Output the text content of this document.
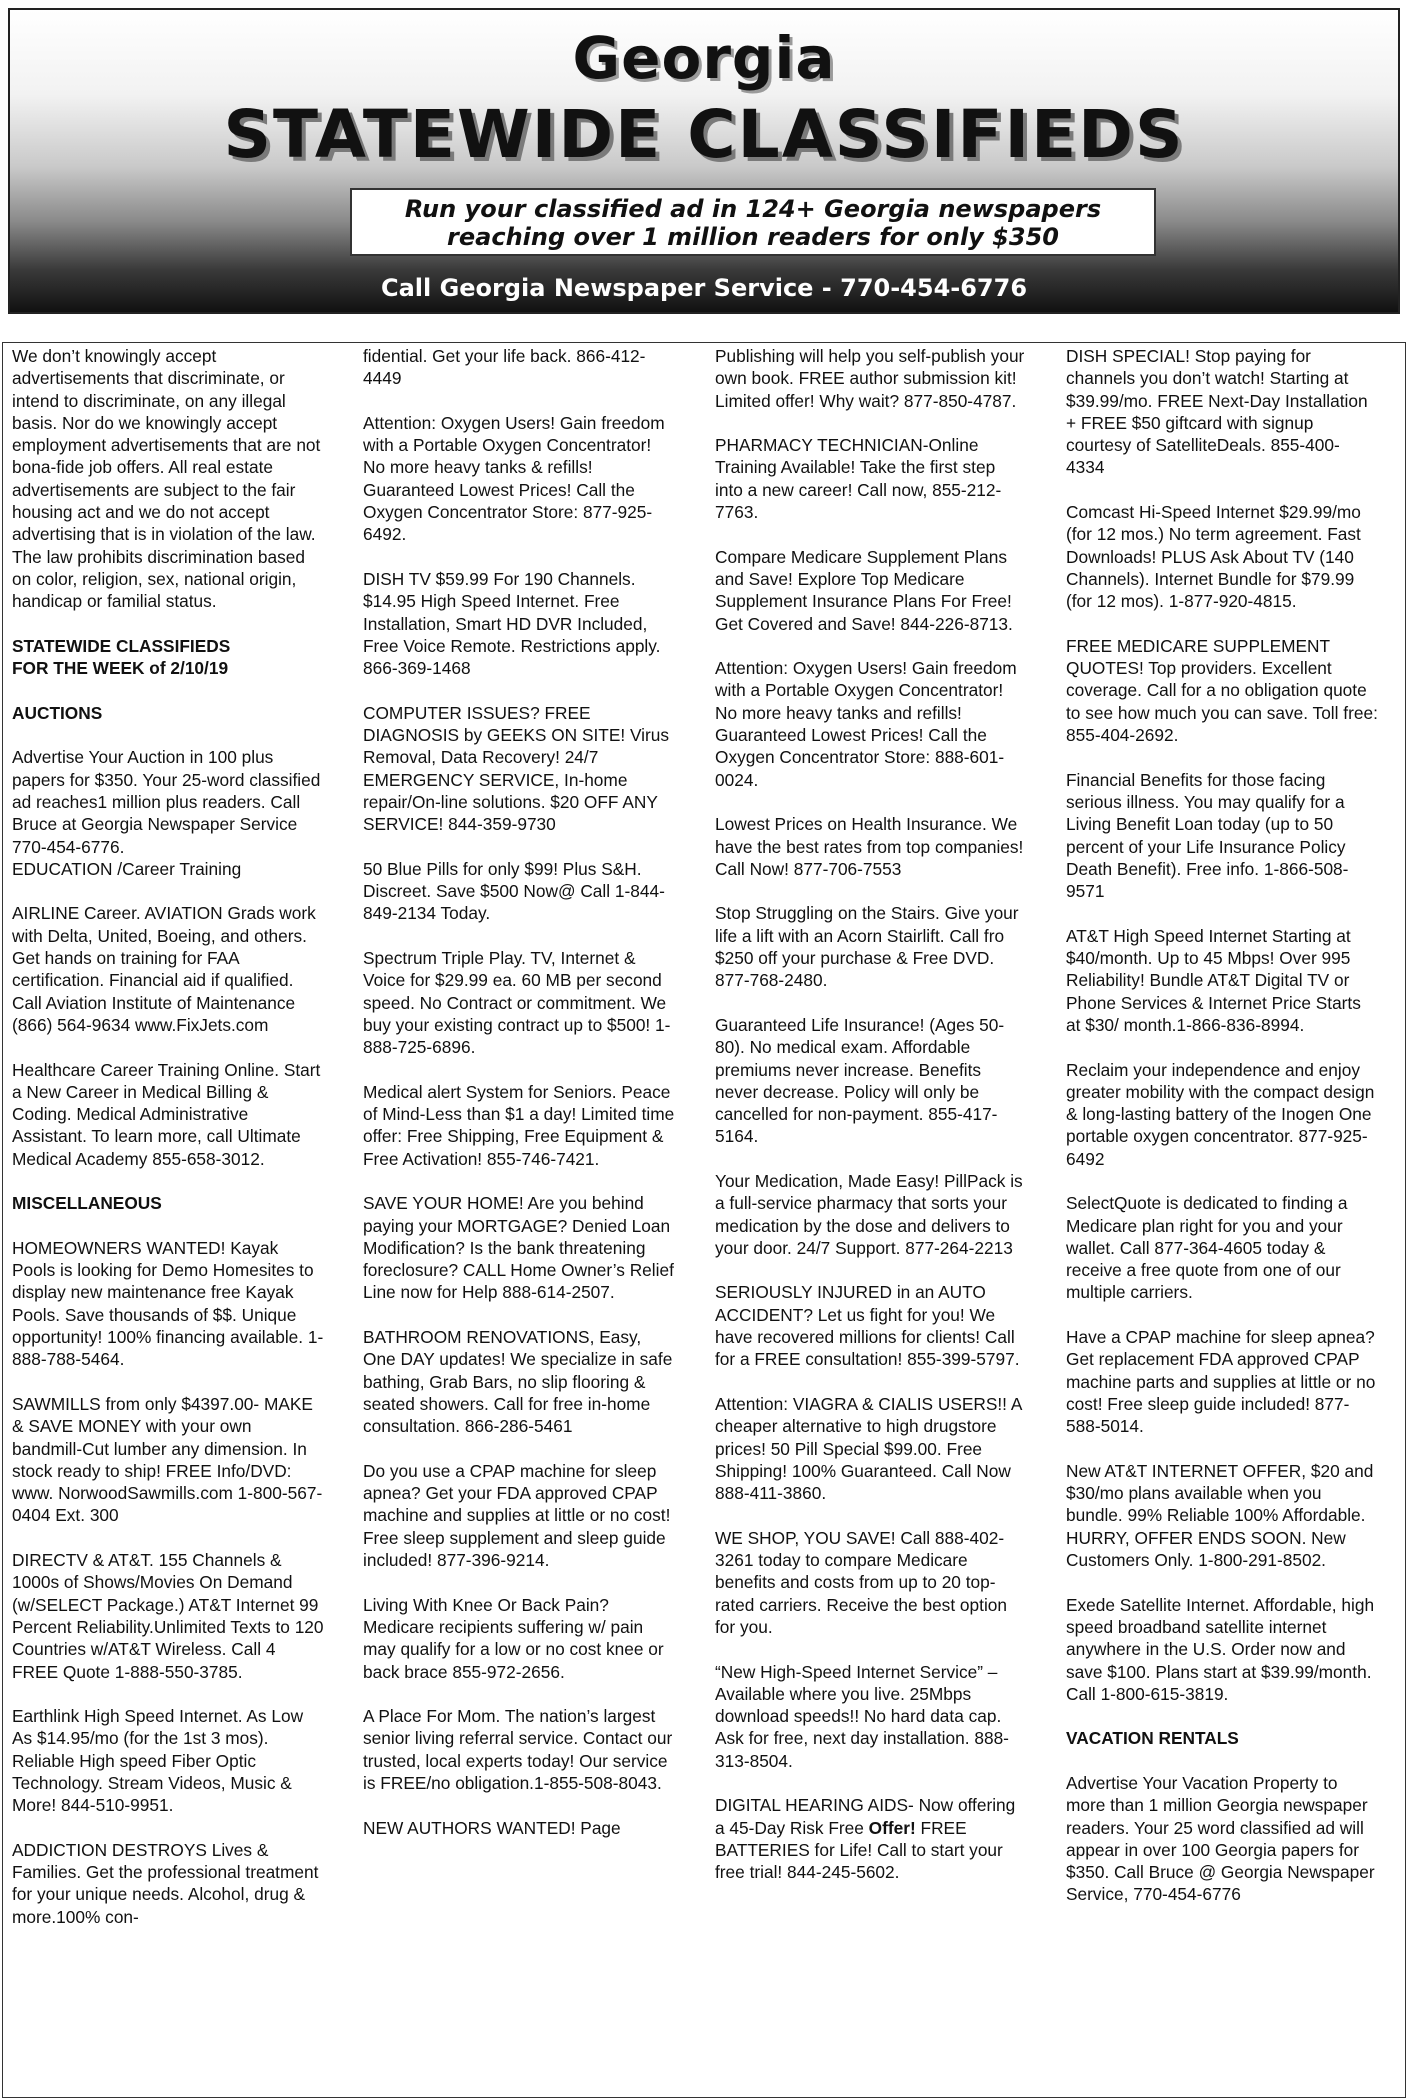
Georgia
STATEWIDE CLASSIFIEDS
Run your classified ad in 124+ Georgia newspapers
reaching over 1 million readers for only $350
Call Georgia Newspaper Service - 770-454-6776

We don’t knowingly accept advertisements that discriminate, or intend to discriminate, on any illegal basis. Nor do we knowingly accept employment advertisements that are not bona-fide job offers. All real estate advertisements are subject to the fair housing act and we do not accept advertising that is in violation of the law. The law prohibits discrimination based on color, religion, sex, national origin, handicap or familial status.

STATEWIDE CLASSIFIEDS
FOR THE WEEK of 2/10/19
AUCTIONS
Advertise Your Auction in 100 plus papers for $350. Your 25-word classified ad reaches1 million plus readers. Call Bruce at Georgia Newspaper Service 770-454-6776.

EDUCATION /Career Training

AIRLINE Career. AVIATION Grads work with Delta, United, Boeing, and others. Get hands on training for FAA certification. Financial aid if qualified. Call Aviation Institute of Maintenance (866) 564-9634 www.FixJets.com

Healthcare Career Training Online. Start a New Career in Medical Billing & Coding. Medical Administrative Assistant. To learn more, call Ultimate Medical Academy 855-658-3012.

MISCELLANEOUS

HOMEOWNERS WANTED! Kayak Pools is looking for Demo Homesites to display new maintenance free Kayak Pools. Save thousands of $$. Unique opportunity! 100% financing available. 1-888-788-5464.

SAWMILLS from only $4397.00- MAKE & SAVE MONEY with your own bandmill-Cut lumber any dimension. In stock ready to ship! FREE Info/DVD: www. NorwoodSawmills.com 1-800-567-0404 Ext. 300

DIRECTV & AT&T. 155 Channels & 1000s of Shows/Movies On Demand (w/SELECT Package.) AT&T Internet 99 Percent Reliability.Unlimited Texts to 120 Countries w/AT&T Wireless. Call 4 FREE Quote 1-888-550-3785.

Earthlink High Speed Internet. As Low As $14.95/mo (for the 1st 3 mos). Reliable High speed Fiber Optic Technology. Stream Videos, Music & More! 844-510-9951.

ADDICTION DESTROYS Lives & Families. Get the professional treatment for your unique needs. Alcohol, drug & more.100% con-

fidential. Get your life back. 866-412-4449

Attention: Oxygen Users! Gain freedom with a Portable Oxygen Concentrator! No more heavy tanks & refills! Guaranteed Lowest Prices! Call the Oxygen Concentrator Store: 877-925-6492.

DISH TV $59.99 For 190 Channels. $14.95 High Speed Internet. Free Installation, Smart HD DVR Included, Free Voice Remote. Restrictions apply. 866-369-1468

COMPUTER ISSUES? FREE DIAGNOSIS by GEEKS ON SITE! Virus Removal, Data Recovery! 24/7 EMERGENCY SERVICE, In-home repair/On-line solutions. $20 OFF ANY SERVICE! 844-359-9730

50 Blue Pills for only $99! Plus S&H. Discreet. Save $500 Now@ Call 1-844-849-2134 Today.

Spectrum Triple Play. TV, Internet & Voice for $29.99 ea. 60 MB per second speed. No Contract or commitment. We buy your existing contract up to $500! 1-888-725-6896.

Medical alert System for Seniors. Peace of Mind-Less than $1 a day! Limited time offer: Free Shipping, Free Equipment & Free Activation! 855-746-7421.

SAVE YOUR HOME! Are you behind paying your MORTGAGE? Denied Loan Modification? Is the bank threatening foreclosure? CALL Home Owner’s Relief Line now for Help 888-614-2507.

BATHROOM RENOVATIONS, Easy, One DAY updates! We specialize in safe bathing, Grab Bars, no slip flooring & seated showers. Call for free in-home consultation. 866-286-5461

Do you use a CPAP machine for sleep apnea? Get your FDA approved CPAP machine and supplies at little or no cost! Free sleep supplement and sleep guide included! 877-396-9214.

Living With Knee Or Back Pain? Medicare recipients suffering w/ pain may qualify for a low or no cost knee or back brace 855-972-2656.

A Place For Mom. The nation’s largest senior living referral service. Contact our trusted, local experts today! Our service is FREE/no obligation.1-855-508-8043.

NEW AUTHORS WANTED! Page

Publishing will help you self-publish your own book. FREE author submission kit! Limited offer! Why wait? 877-850-4787.

PHARMACY TECHNICIAN-Online Training Available! Take the first step into a new career! Call now, 855-212-7763.

Compare Medicare Supplement Plans and Save! Explore Top Medicare Supplement Insurance Plans For Free! Get Covered and Save! 844-226-8713.

Attention: Oxygen Users! Gain freedom with a Portable Oxygen Concentrator! No more heavy tanks and refills! Guaranteed Lowest Prices! Call the Oxygen Concentrator Store: 888-601-0024.

Lowest Prices on Health Insurance. We have the best rates from top companies! Call Now! 877-706-7553

Stop Struggling on the Stairs. Give your life a lift with an Acorn Stairlift. Call fro $250 off your purchase & Free DVD. 877-768-2480.

Guaranteed Life Insurance! (Ages 50-80). No medical exam. Affordable premiums never increase. Benefits never decrease. Policy will only be cancelled for non-payment. 855-417-5164.

Your Medication, Made Easy! PillPack is a full-service pharmacy that sorts your medication by the dose and delivers to your door. 24/7 Support. 877-264-2213

SERIOUSLY INJURED in an AUTO ACCIDENT? Let us fight for you! We have recovered millions for clients! Call for a FREE consultation! 855-399-5797.

Attention: VIAGRA & CIALIS USERS!! A cheaper alternative to high drugstore prices! 50 Pill Special $99.00. Free Shipping! 100% Guaranteed. Call Now 888-411-3860.

WE SHOP, YOU SAVE! Call 888-402-3261 today to compare Medicare benefits and costs from up to 20 top-rated carriers. Receive the best option for you.

“New High-Speed Internet Service” –Available where you live. 25Mbps download speeds!! No hard data cap. Ask for free, next day installation. 888-313-8504.

DIGITAL HEARING AIDS- Now offering a 45-Day Risk Free Offer! FREE BATTERIES for Life! Call to start your free trial! 844-245-5602.

DISH SPECIAL! Stop paying for channels you don’t watch! Starting at $39.99/mo. FREE Next-Day Installation + FREE $50 giftcard with signup courtesy of SatelliteDeals. 855-400-4334

Comcast Hi-Speed Internet $29.99/mo (for 12 mos.) No term agreement. Fast Downloads! PLUS Ask About TV (140 Channels). Internet Bundle for $79.99 (for 12 mos). 1-877-920-4815.

FREE MEDICARE SUPPLEMENT QUOTES! Top providers. Excellent coverage. Call for a no obligation quote to see how much you can save. Toll free: 855-404-2692.

Financial Benefits for those facing serious illness. You may qualify for a Living Benefit Loan today (up to 50 percent of your Life Insurance Policy Death Benefit). Free info. 1-866-508-9571

AT&T High Speed Internet Starting at $40/month. Up to 45 Mbps! Over 995 Reliability! Bundle AT&T Digital TV or Phone Services & Internet Price Starts at $30/ month.1-866-836-8994.

Reclaim your independence and enjoy greater mobility with the compact design & long-lasting battery of the Inogen One portable oxygen concentrator. 877-925-6492

SelectQuote is dedicated to finding a Medicare plan right for you and your wallet. Call 877-364-4605 today & receive a free quote from one of our multiple carriers.

Have a CPAP machine for sleep apnea? Get replacement FDA approved CPAP machine parts and supplies at little or no cost! Free sleep guide included! 877-588-5014.

New AT&T INTERNET OFFER, $20 and $30/mo plans available when you bundle. 99% Reliable 100% Affordable. HURRY, OFFER ENDS SOON. New Customers Only. 1-800-291-8502.

Exede Satellite Internet. Affordable, high speed broadband satellite internet anywhere in the U.S. Order now and save $100. Plans start at $39.99/month. Call 1-800-615-3819.

VACATION RENTALS

Advertise Your Vacation Property to more than 1 million Georgia newspaper readers. Your 25 word classified ad will appear in over 100 Georgia papers for $350. Call Bruce @ Georgia Newspaper Service, 770-454-6776
